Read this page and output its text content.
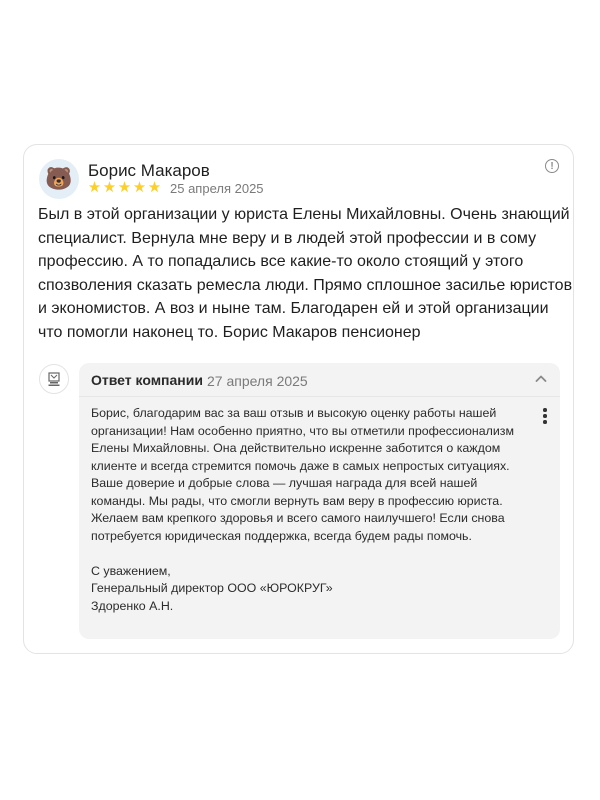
🐻 Борис Макаров
★ ★ ★ ★ ★ 25 апреля 2025
!
Был в этой организации у юриста Елены Михайловны. Очень знающий специалист. Вернула мне веру и в людей этой профессии и в сому профессию. А то попадались все какие-то около стоящий у этого спозволения сказать ремесла люди. Прямо сплошное засилье юристов и экономистов. А воз и ныне там. Благодарен ей и этой организации что помогли наконец то. Борис Макаров пенсионер
Ответ компании 27 апреля 2025
Борис, благодарим вас за ваш отзыв и высокую оценку работы нашей организации! Нам особенно приятно, что вы отметили профессионализм Елены Михайловны. Она действительно искренне заботится о каждом клиенте и всегда стремится помочь даже в самых непростых ситуациях.
Ваше доверие и добрые слова — лучшая награда для всей нашей команды. Мы рады, что смогли вернуть вам веру в профессию юриста. Желаем вам крепкого здоровья и всего самого наилучшего! Если снова потребуется юридическая поддержка, всегда будем рады помочь.

С уважением,
Генеральный директор ООО «ЮРОКРУГ»
Здоренко А.Н.
